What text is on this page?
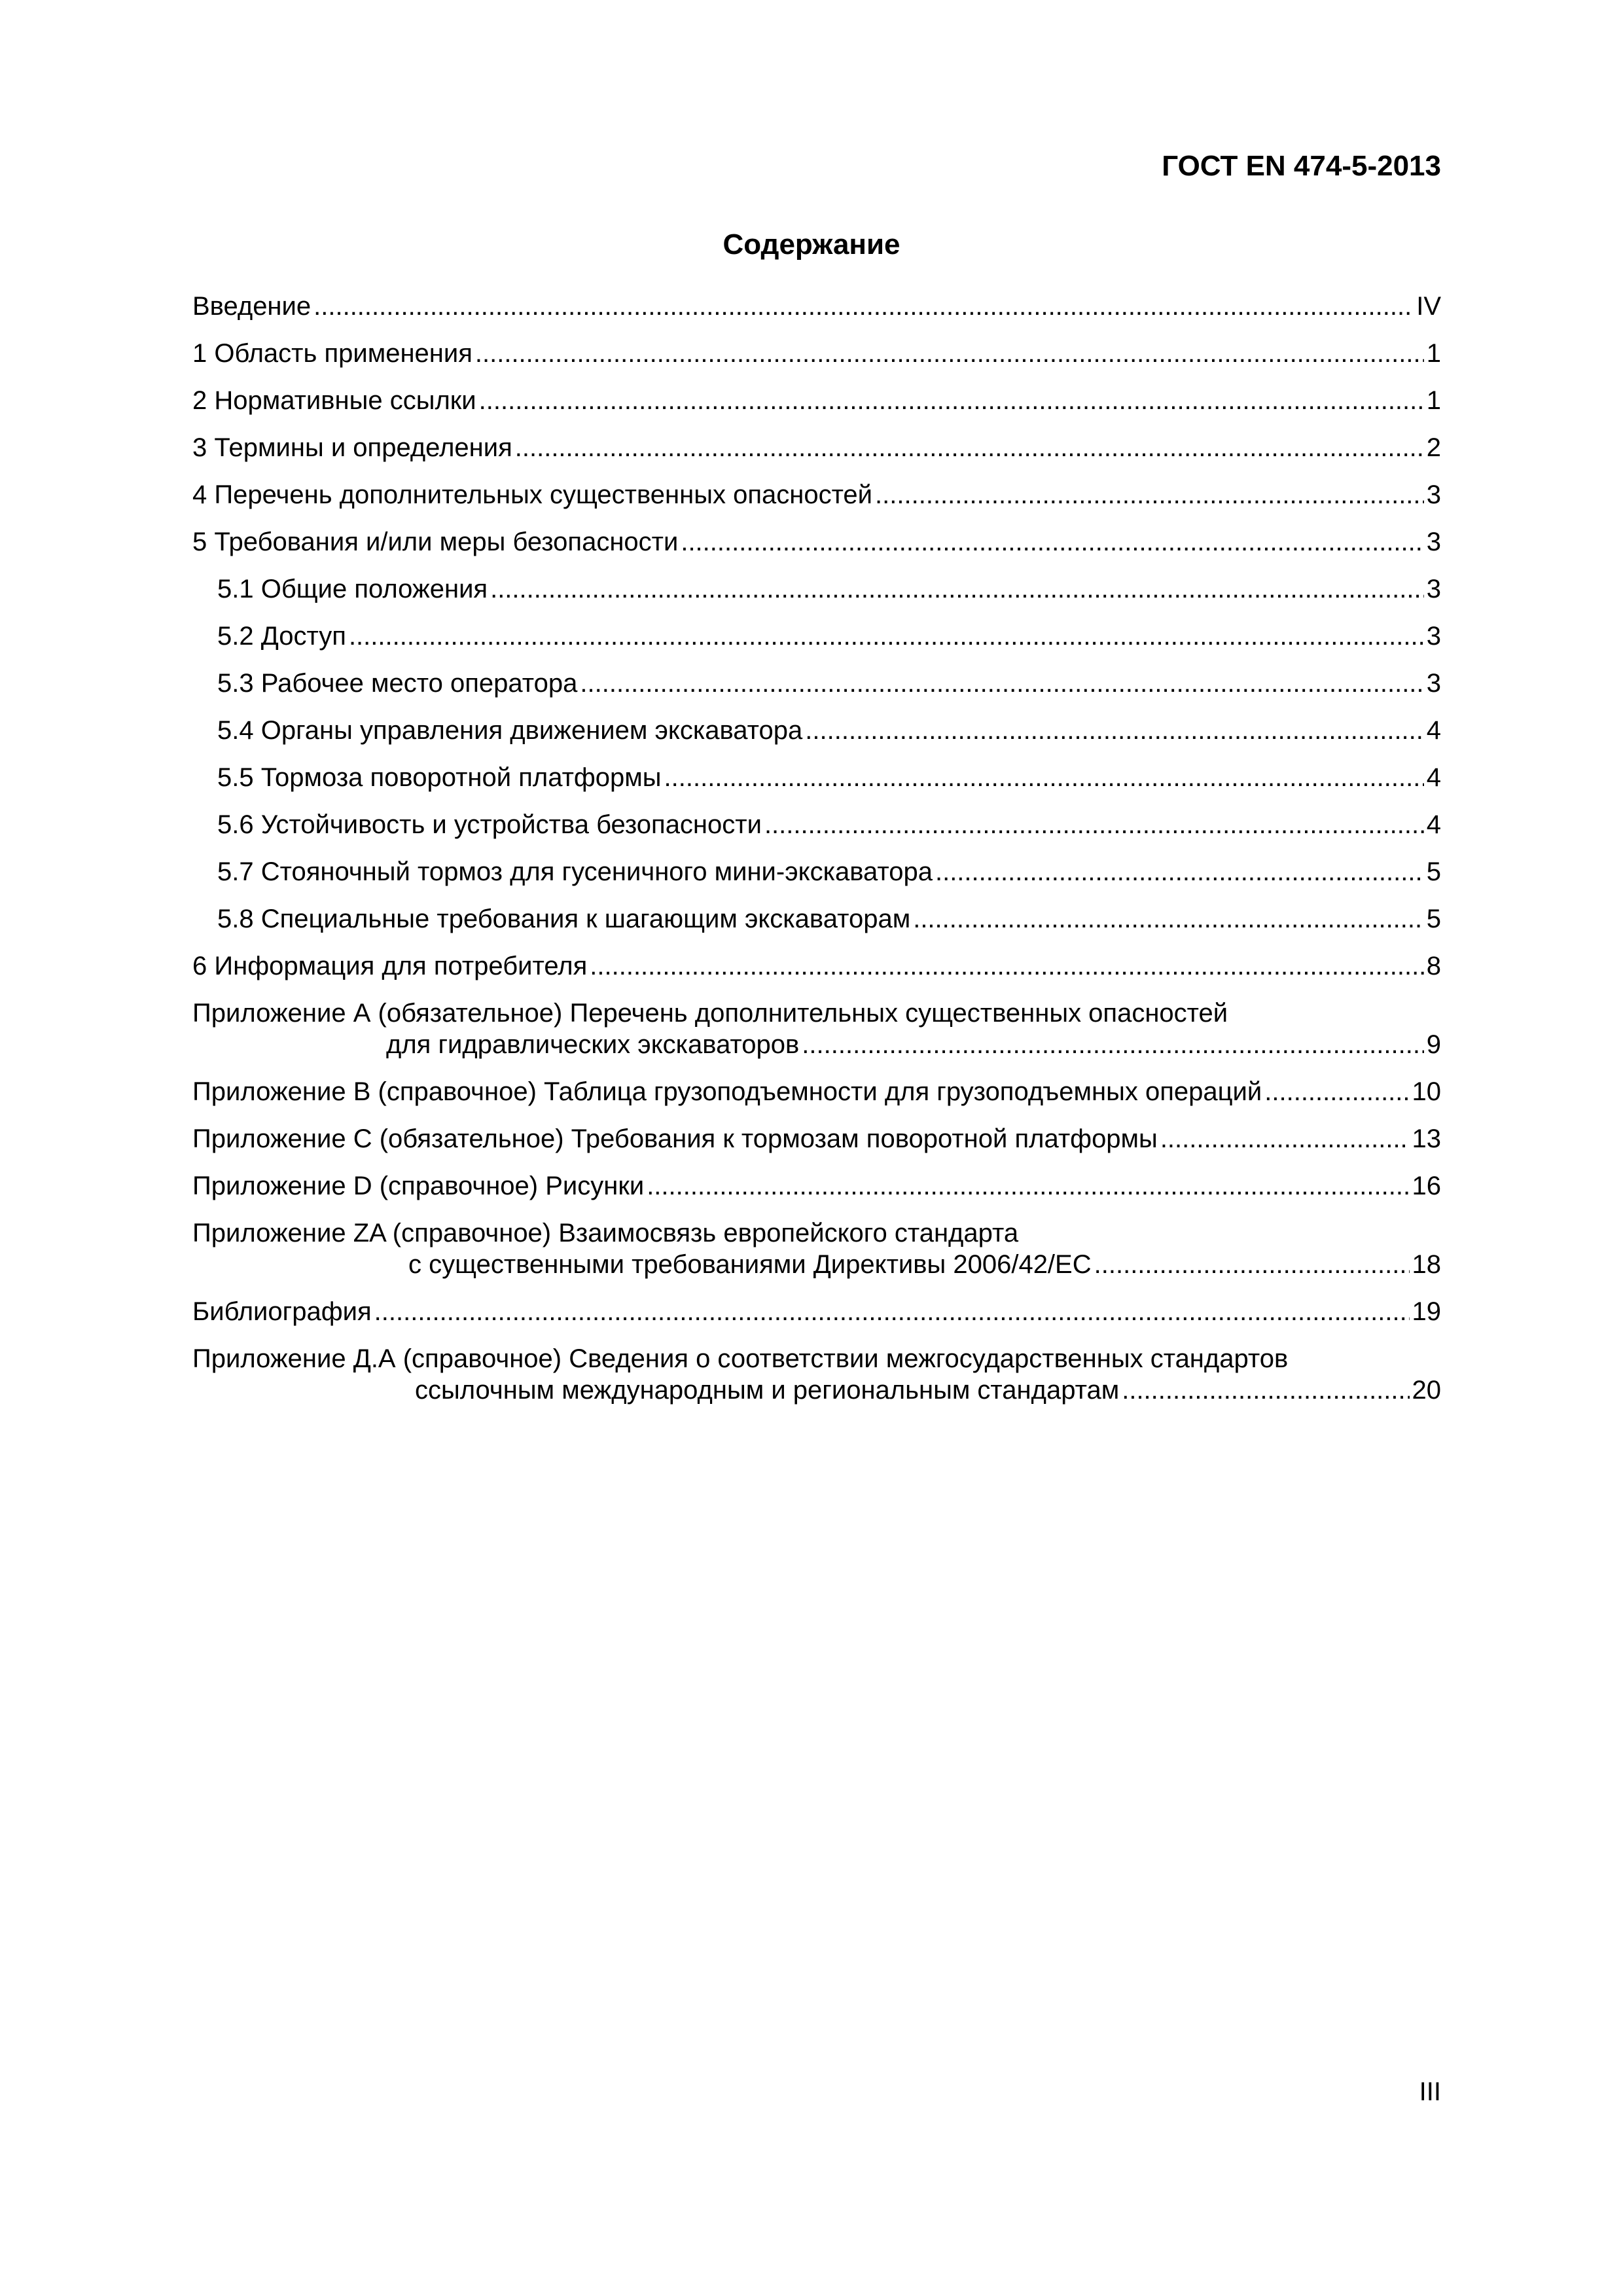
ГОСТ EN 474-5-2013
Содержание
Введение .....	IV
1 Область применения .....	1
2 Нормативные ссылки .....	1
3 Термины и определения .....	2
4 Перечень дополнительных существенных опасностей .....	3
5 Требования и/или меры безопасности .....	3
5.1 Общие положения .....	3
5.2 Доступ .....	3
5.3 Рабочее место оператора .....	3
5.4 Органы управления движением экскаватора .....	4
5.5 Тормоза поворотной платформы .....	4
5.6 Устойчивость и устройства безопасности .....	4
5.7 Стояночный тормоз для гусеничного мини-экскаватора .....	5
5.8 Специальные требования к шагающим экскаваторам .....	5
6 Информация для потребителя .....	8
Приложение А (обязательное) Перечень дополнительных существенных опасностей
для гидравлических экскаваторов .....	9
Приложение В (справочное) Таблица грузоподъемности для грузоподъемных операций .....	10
Приложение С (обязательное) Требования к тормозам поворотной платформы .....	13
Приложение D (справочное) Рисунки .....	16
Приложение ZA (справочное) Взаимосвязь европейского стандарта
с существенными требованиями Директивы 2006/42/EC .....	18
Библиография .....	19
Приложение Д.А (справочное) Сведения о соответствии межгосударственных стандартов
ссылочным международным и региональным стандартам .....	20
III
